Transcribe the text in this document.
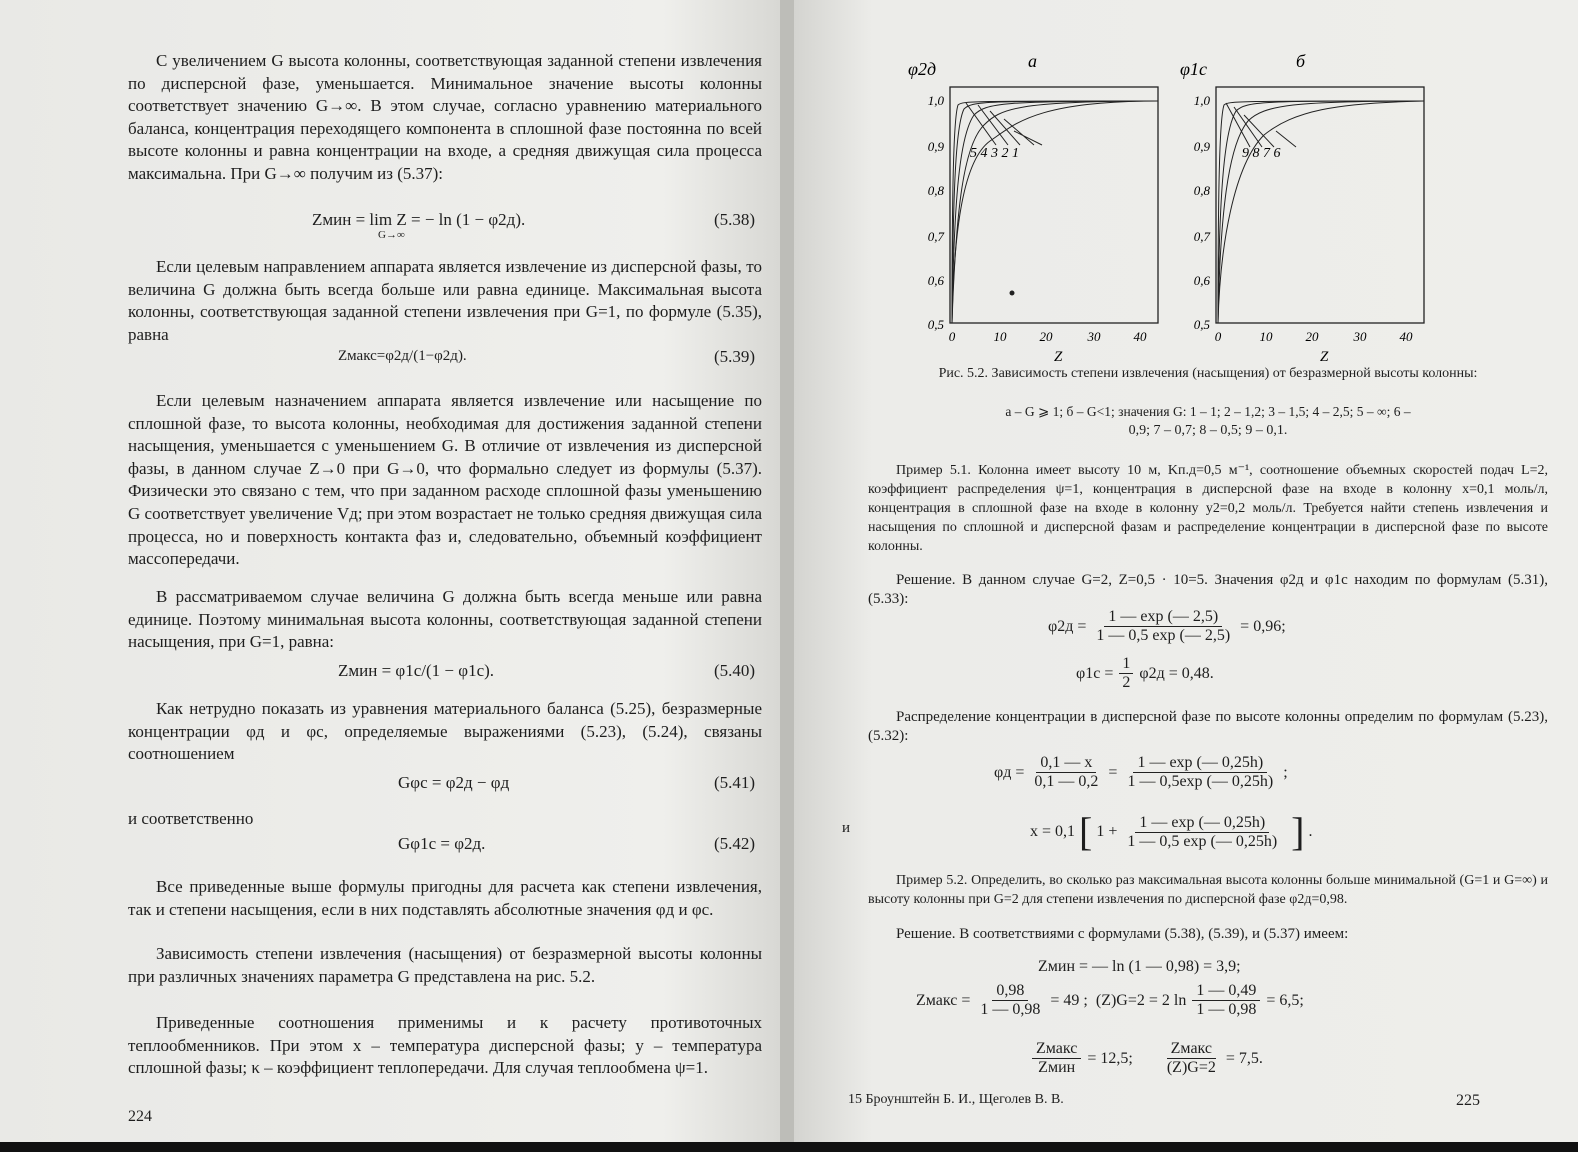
С увеличением G высота колонны, соответствующая заданной степени извлечения по дисперсной фазе, уменьшается. Минимальное значение высоты колонны соответствует значению G→∞. В этом случае, согласно уравнению материального баланса, концентрация переходящего компонента в сплошной фазе постоянна по всей высоте колонны и равна концентрации на входе, а средняя движущая сила процесса максимальна. При G→∞ получим из (5.37):

Zмин = lim Z = − ln (1 − φ2д).
G→∞
(5.38)

Если целевым направлением аппарата является извлечение из дисперсной фазы, то величина G должна быть всегда больше или равна единице. Максимальная высота колонны, соответствующая заданной степени извлечения при G=1, по формуле (5.35), равна

Zмакс=φ2д/(1−φ2д).	(5.39)

Если целевым назначением аппарата является извлечение или насыщение по сплошной фазе, то высота колонны, необходимая для достижения заданной степени насыщения, уменьшается с уменьшением G. В отличие от извлечения из дисперсной фазы, в данном случае Z→0 при G→0, что формально следует из формулы (5.37). Физически это связано с тем, что при заданном расходе сплошной фазы уменьшению G соответствует увеличение Vд; при этом возрастает не только средняя движущая сила процесса, но и поверхность контакта фаз и, следовательно, объемный коэффициент массопередачи.

В рассматриваемом случае величина G должна быть всегда меньше или равна единице. Поэтому минимальная высота колонны, соответствующая заданной степени насыщения, при G=1, равна:

Zмин = φ1с/(1 − φ1с).	(5.40)

Как нетрудно показать из уравнения материального баланса (5.25), безразмерные концентрации φд и φс, определяемые выражениями (5.23), (5.24), связаны соотношением

Gφс = φ2д − φд	(5.41)

и соответственно

Gφ1с = φ2д.	(5.42)

Все приведенные выше формулы пригодны для расчета как степени извлечения, так и степени насыщения, если в них подставлять абсолютные значения φд и φс.

Зависимость степени извлечения (насыщения) от безразмерной высоты колонны при различных значениях параметра G представлена на рис. 5.2.

Приведенные соотношения применимы и к расчету противоточных теплообменников. При этом x – температура дисперсной фазы; y – температура сплошной фазы; κ – коэффициент теплопередачи. Для случая теплообмена ψ=1.

224
φ2д	а
5 4 3 2 1
1,0
0,9
0,8
0,7
0,6
0,5
0	10	20	30	40
Z
φ1с	б
9 8 7 6
1,0
0,9
0,8
0,7
0,6
0,5
0	10	20	30	40
Z
Рис. 5.2. Зависимость степени извлечения (насыщения) от безразмерной высоты колонны:
а – G ⩾ 1; б – G<1; значения G: 1 – 1; 2 – 1,2; 3 – 1,5; 4 – 2,5; 5 – ∞; 6 –
0,9; 7 – 0,7; 8 – 0,5; 9 – 0,1.

Пример 5.1. Колонна имеет высоту 10 м, Kп.д=0,5 м⁻¹, соотношение объемных скоростей подач L=2, коэффициент распределения ψ=1, концентрация в дисперсной фазе на входе в колонну x=0,1 моль/л, концентрация в сплошной фазе на входе в колонну y2=0,2 моль/л. Требуется найти степень извлечения и насыщения по сплошной и дисперсной фазам и распределение концентрации в дисперсной фазе по высоте колонны.

Решение. В данном случае G=2, Z=0,5 · 10=5. Значения φ2д и φ1с находим по формулам (5.31), (5.33):

$\varphi 2д = \frac{1 — \exp (— 2,5)}{1 — 0,5 \exp (— 2,5)} = 0,96$;
$\varphi 1с = \frac{1}{2} \varphi 2д = 0,48$.

Распределение концентрации в дисперсной фазе по высоте колонны определим по формулам (5.23), (5.32):

$\varphi д = \frac{0,1 — x}{0,1 — 0,2} = \frac{1 — \exp (— 0,25h)}{1 — 0,5\exp (— 0,25h)}$ ;
и	x = 0,1 [ $1 + \frac{1 — \exp (— 0,25h)}{1 — 0,5 \exp (— 0,25h)}$ ] .

Пример 5.2. Определить, во сколько раз максимальная высота колонны больше минимальной (G=1 и G=∞) и высоту колонны при G=2 для степени извлечения по дисперсной фазе φ2д=0,98.

Решение. В соответствиями с формулами (5.38), (5.39), и (5.37) имеем:

Zмин = — ln (1 — 0,98) = 3,9;
Zмакс = $\frac{0,98}{1 — 0,98} = 49$ ;  (Z)G=2 = 2 $\ln \frac{1 — 0,49}{1 — 0,98} = 6,5$;
Zмакс
Zмин
= 12,5;
Zмакс
(Z)G=2
= 7,5.
15 Броунштейн Б. И., Щеголев В. В.	225
